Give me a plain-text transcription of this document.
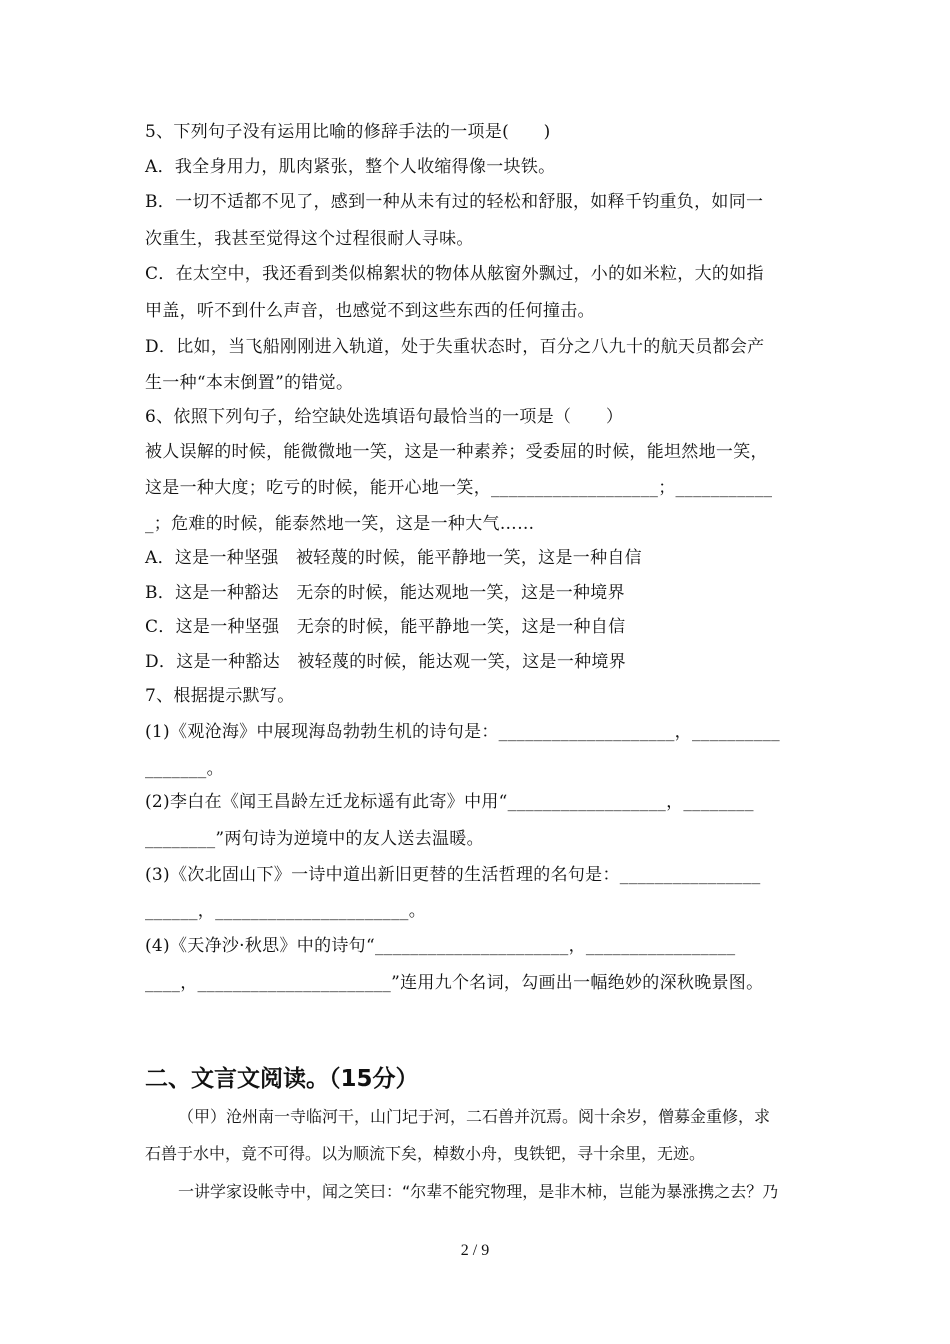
5、下列句子没有运用比喻的修辞手法的一项是(　　)
A．我全身用力，肌肉紧张，整个人收缩得像一块铁。
B．一切不适都不见了，感到一种从未有过的轻松和舒服，如释千钧重负，如同一
次重生，我甚至觉得这个过程很耐人寻味。
C．在太空中，我还看到类似棉絮状的物体从舷窗外飘过，小的如米粒，大的如指
甲盖，听不到什么声音，也感觉不到这些东西的任何撞击。
D．比如，当飞船刚刚进入轨道，处于失重状态时，百分之八九十的航天员都会产
生一种“本末倒置”的错觉。
6、依照下列句子，给空缺处选填语句最恰当的一项是（　　）
被人误解的时候，能微微地一笑，这是一种素养；受委屈的时候，能坦然地一笑，
这是一种大度；吃亏的时候，能开心地一笑，___________________；___________
_；危难的时候，能泰然地一笑，这是一种大气……
A．这是一种坚强　被轻蔑的时候，能平静地一笑，这是一种自信
B．这是一种豁达　无奈的时候，能达观地一笑，这是一种境界
C．这是一种坚强　无奈的时候，能平静地一笑，这是一种自信
D．这是一种豁达　被轻蔑的时候，能达观一笑，这是一种境界
7、根据提示默写。
(1)《观沧海》中展现海岛勃勃生机的诗句是：____________________，__________
_______。
(2)李白在《闻王昌龄左迁龙标遥有此寄》中用“__________________，________
________”两句诗为逆境中的友人送去温暖。
(3)《次北固山下》一诗中道出新旧更替的生活哲理的名句是：________________
______，______________________。
(4)《天净沙·秋思》中的诗句“______________________，_________________
____，______________________”连用九个名词，勾画出一幅绝妙的深秋晚景图。
二、文言文阅读。（15分）
（甲）沧州南一寺临河干，山门圮于河，二石兽并沉焉。阅十余岁，僧募金重修，求
石兽于水中，竟不可得。以为顺流下矣，棹数小舟，曳铁钯，寻十余里，无迹。
一讲学家设帐寺中，闻之笑曰：“尔辈不能究物理，是非木柿，岂能为暴涨携之去？乃
2 / 9
